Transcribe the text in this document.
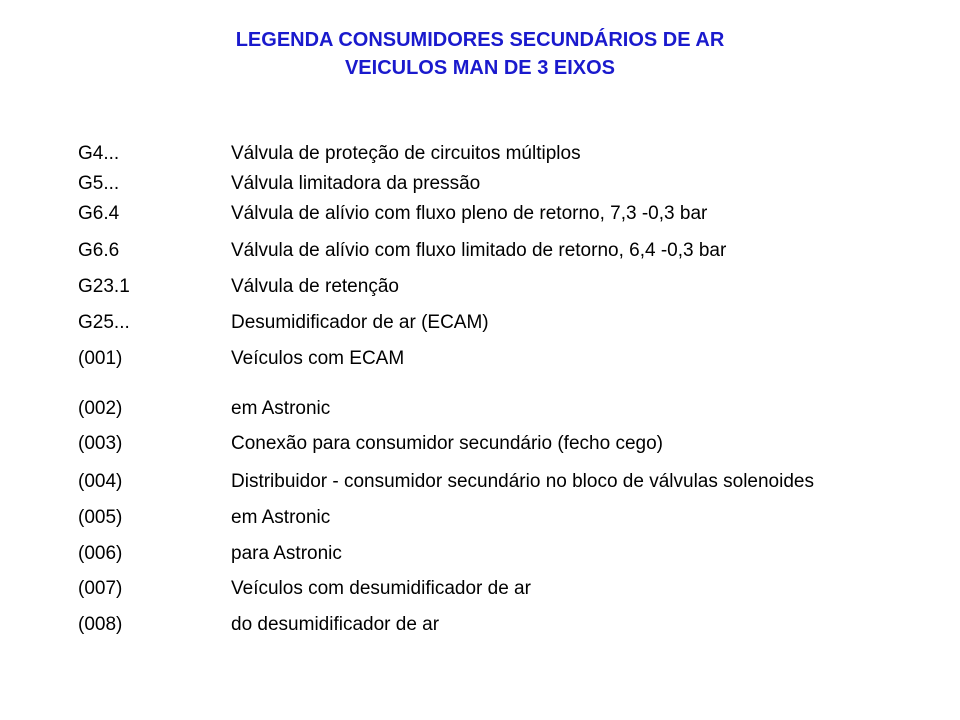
LEGENDA CONSUMIDORES SECUNDÁRIOS DE AR
VEICULOS MAN DE 3 EIXOS
G4...	Válvula de proteção de circuitos múltiplos
G5...	Válvula limitadora da pressão
G6.4	Válvula de alívio com fluxo pleno de retorno, 7,3 -0,3 bar
G6.6	Válvula de alívio com fluxo limitado de retorno, 6,4 -0,3 bar
G23.1	Válvula de retenção
G25...	Desumidificador de ar (ECAM)
(001)	Veículos com ECAM
(002)	em Astronic
(003)	Conexão para consumidor secundário (fecho cego)
(004)	Distribuidor - consumidor secundário no bloco de válvulas solenoides
(005)	em Astronic
(006)	para Astronic
(007)	Veículos com desumidificador de ar
(008)	do desumidificador de ar
